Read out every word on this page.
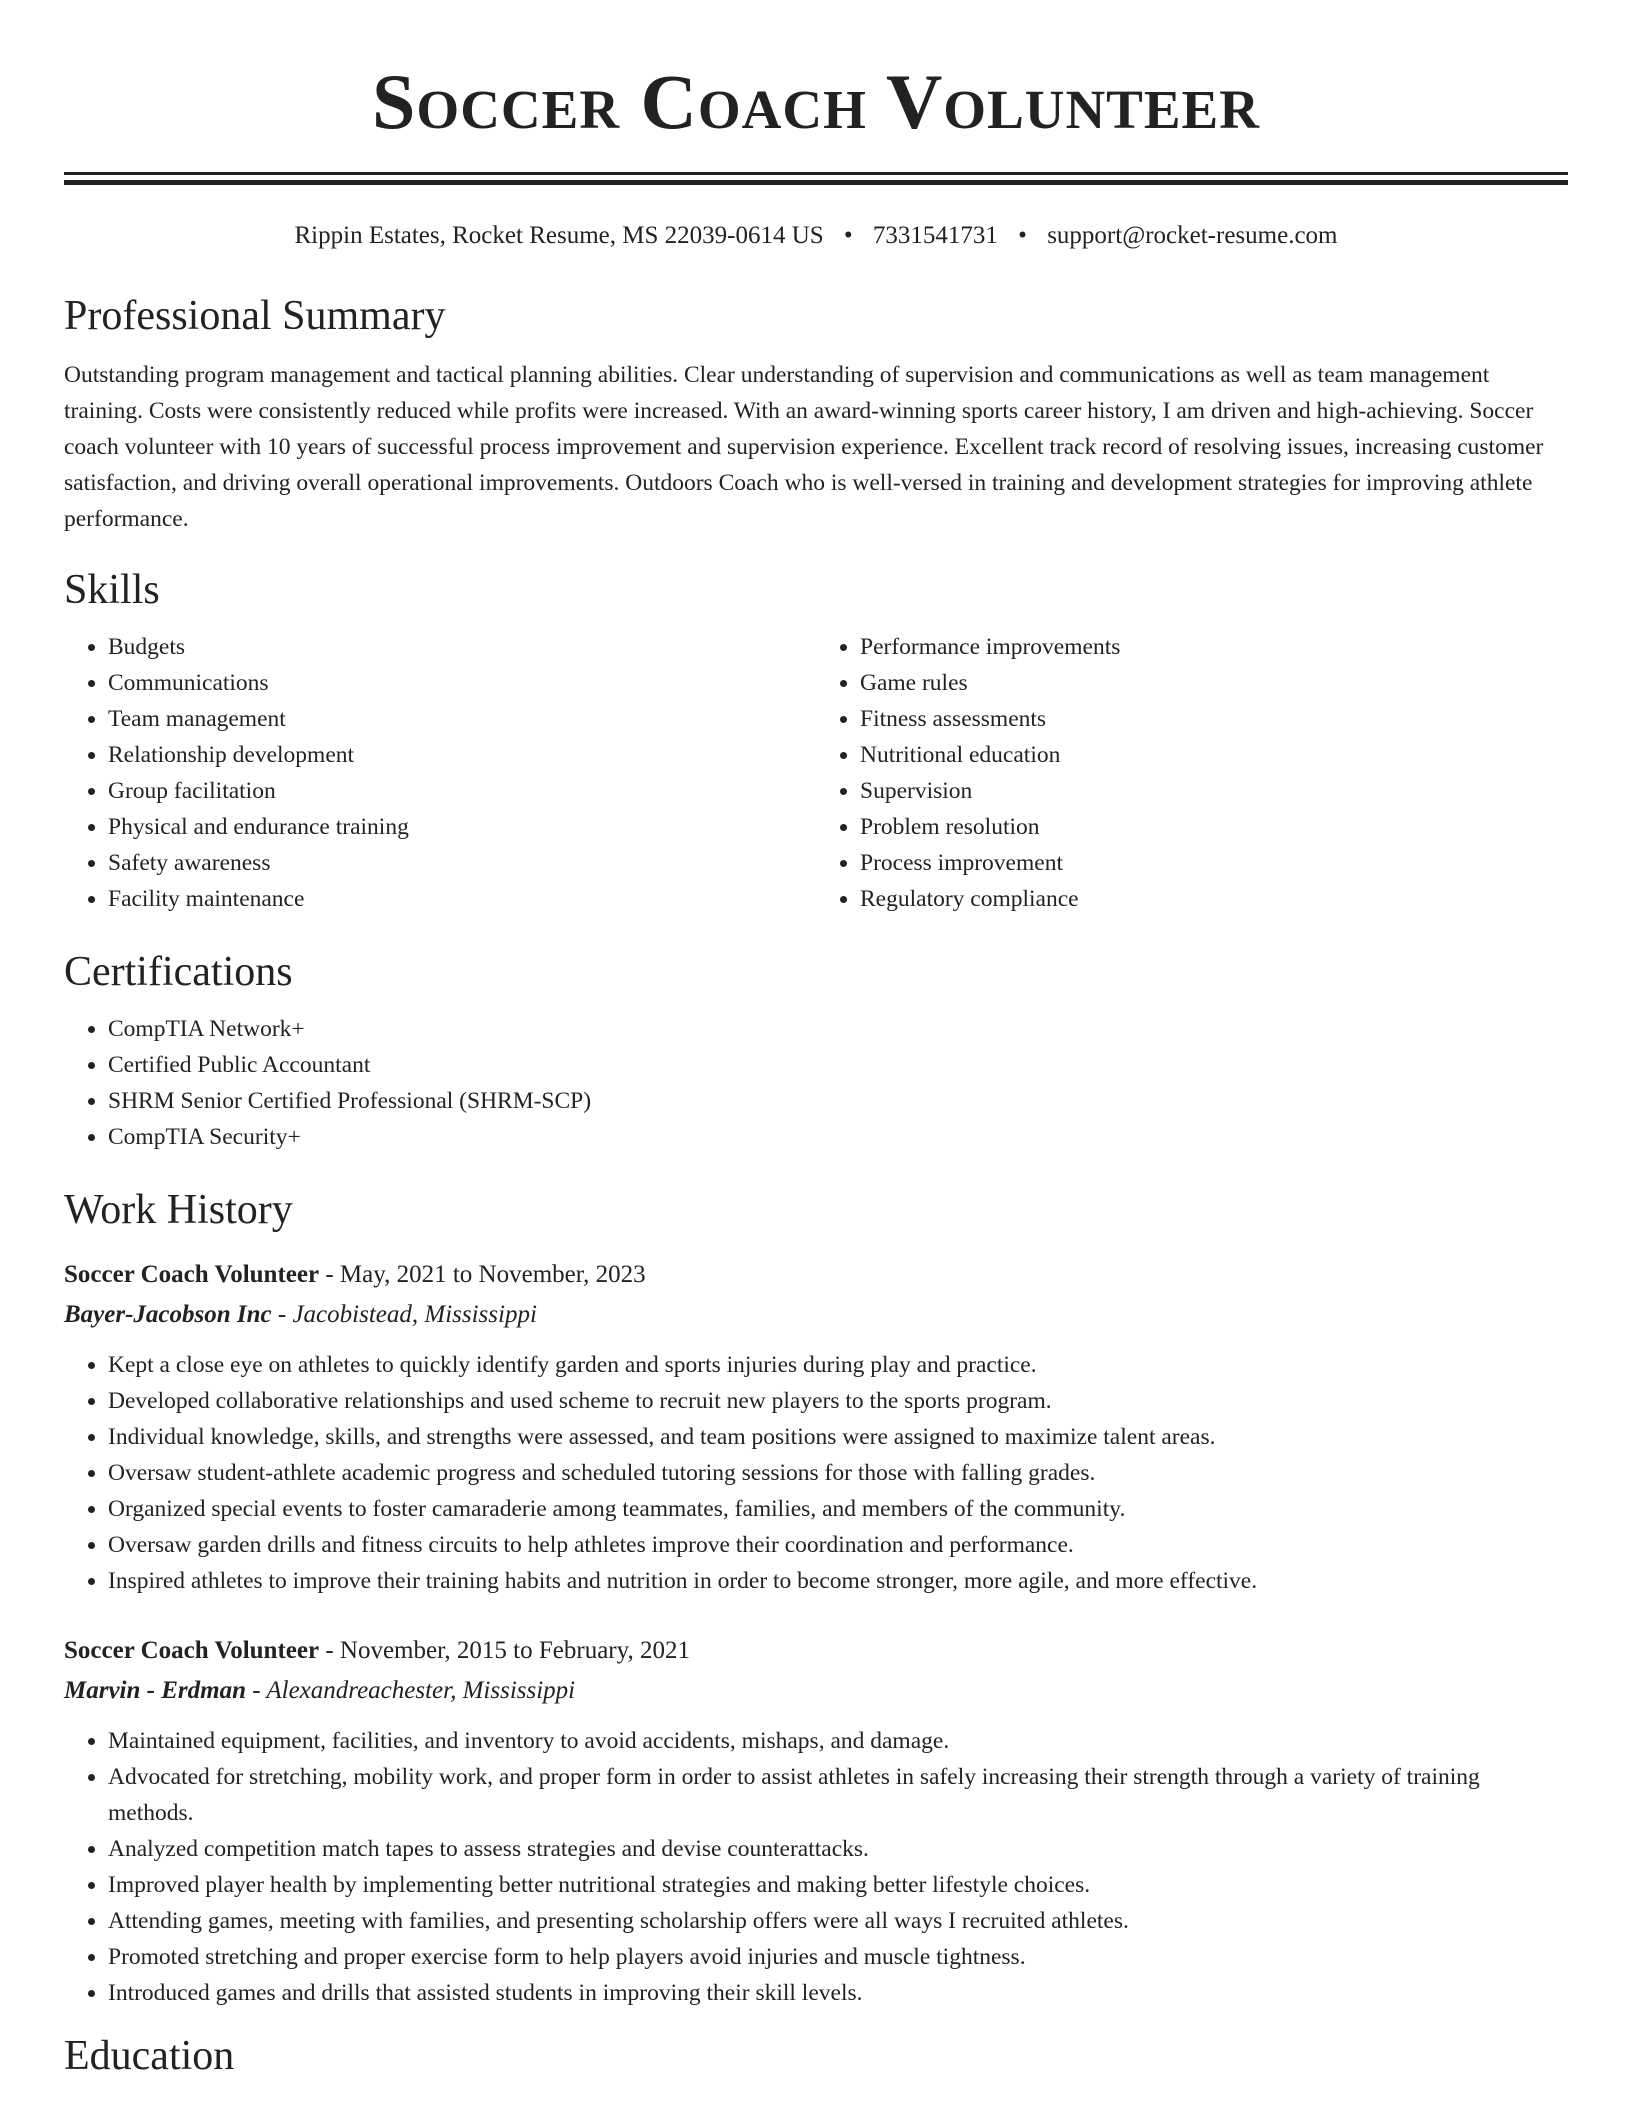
Soccer Coach Volunteer
Rippin Estates, Rocket Resume, MS 22039-0614 US • 7331541731 • support@rocket-resume.com
Professional Summary
Outstanding program management and tactical planning abilities. Clear understanding of supervision and communications as well as team management training. Costs were consistently reduced while profits were increased. With an award-winning sports career history, I am driven and high-achieving. Soccer coach volunteer with 10 years of successful process improvement and supervision experience. Excellent track record of resolving issues, increasing customer satisfaction, and driving overall operational improvements. Outdoors Coach who is well-versed in training and development strategies for improving athlete performance.
Skills
• Budgets
• Communications
• Team management
• Relationship development
• Group facilitation
• Physical and endurance training
• Safety awareness
• Facility maintenance
• Performance improvements
• Game rules
• Fitness assessments
• Nutritional education
• Supervision
• Problem resolution
• Process improvement
• Regulatory compliance
Certifications
• CompTIA Network+
• Certified Public Accountant
• SHRM Senior Certified Professional (SHRM-SCP)
• CompTIA Security+
Work History
Soccer Coach Volunteer - May, 2021 to November, 2023
Bayer-Jacobson Inc - Jacobistead, Mississippi
• Kept a close eye on athletes to quickly identify garden and sports injuries during play and practice.
• Developed collaborative relationships and used scheme to recruit new players to the sports program.
• Individual knowledge, skills, and strengths were assessed, and team positions were assigned to maximize talent areas.
• Oversaw student-athlete academic progress and scheduled tutoring sessions for those with falling grades.
• Organized special events to foster camaraderie among teammates, families, and members of the community.
• Oversaw garden drills and fitness circuits to help athletes improve their coordination and performance.
• Inspired athletes to improve their training habits and nutrition in order to become stronger, more agile, and more effective.
Soccer Coach Volunteer - November, 2015 to February, 2021
Marvin - Erdman - Alexandreachester, Mississippi
• Maintained equipment, facilities, and inventory to avoid accidents, mishaps, and damage.
• Advocated for stretching, mobility work, and proper form in order to assist athletes in safely increasing their strength through a variety of training methods.
• Analyzed competition match tapes to assess strategies and devise counterattacks.
• Improved player health by implementing better nutritional strategies and making better lifestyle choices.
• Attending games, meeting with families, and presenting scholarship offers were all ways I recruited athletes.
• Promoted stretching and proper exercise form to help players avoid injuries and muscle tightness.
• Introduced games and drills that assisted students in improving their skill levels.
Education
